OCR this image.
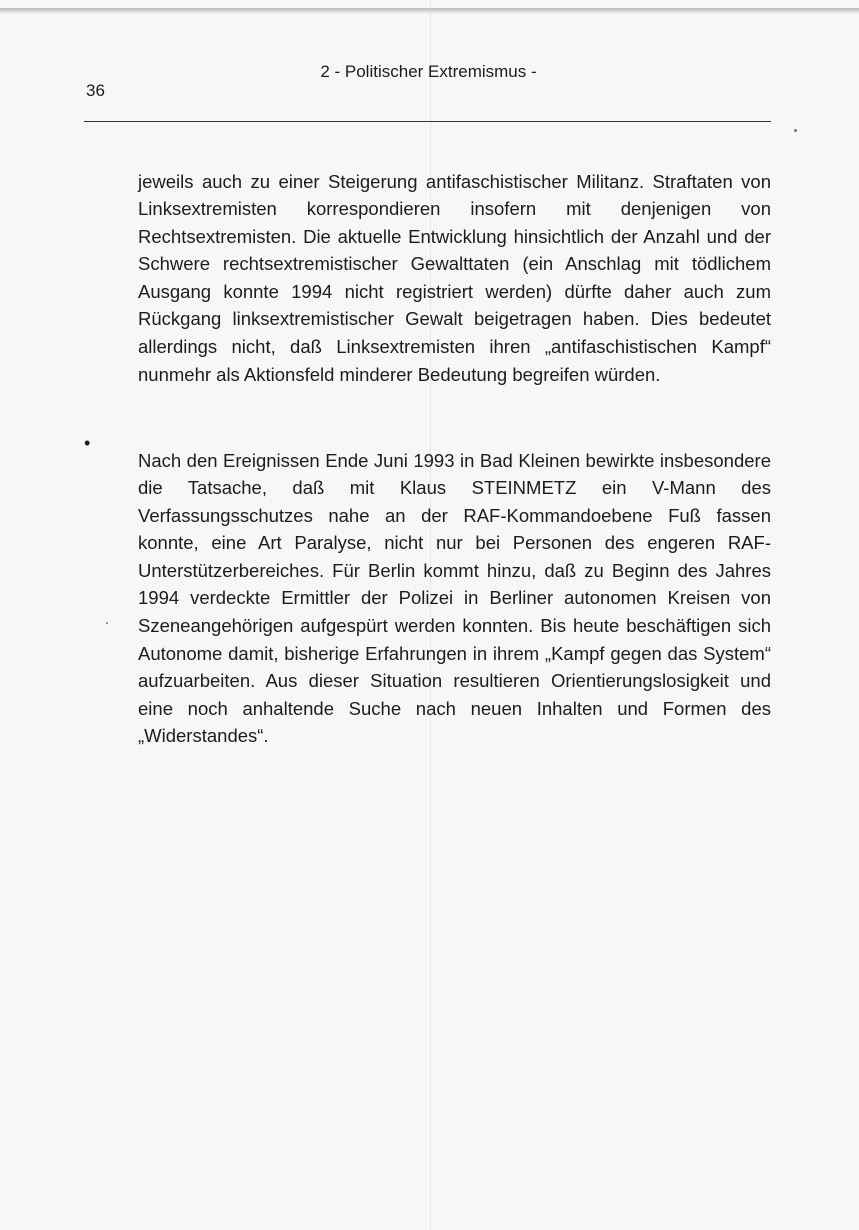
2 - Politischer Extremismus -
36

jeweils auch zu einer Steigerung antifaschistischer Militanz. Straftaten von Linksextremisten korrespondieren insofern mit denjenigen von Rechtsextremisten. Die aktuelle Entwicklung hinsichtlich der Anzahl und der Schwere rechtsextremistischer Gewalttaten (ein Anschlag mit tödlichem Ausgang konnte 1994 nicht registriert werden) dürfte daher auch zum Rückgang linksextremistischer Gewalt beigetragen haben. Dies bedeutet allerdings nicht, daß Linksextremisten ihren „antifaschistischen Kampf“ nunmehr als Aktionsfeld minderer Bedeutung begreifen würden.

•

Nach den Ereignissen Ende Juni 1993 in Bad Kleinen bewirkte insbesondere die Tatsache, daß mit Klaus STEINMETZ ein V-Mann des Verfassungsschutzes nahe an der RAF-Kommandoebene Fuß fassen konnte, eine Art Paralyse, nicht nur bei Personen des engeren RAF-Unterstützerbereiches. Für Berlin kommt hinzu, daß zu Beginn des Jahres 1994 verdeckte Ermittler der Polizei in Berliner autonomen Kreisen von Szeneangehörigen aufgespürt werden konnten. Bis heute beschäftigen sich Autonome damit, bisherige Erfahrungen in ihrem „Kampf gegen das System“ aufzuarbeiten. Aus dieser Situation resultieren Orientierungslosigkeit und eine noch anhaltende Suche nach neuen Inhalten und Formen des „Widerstandes“.
